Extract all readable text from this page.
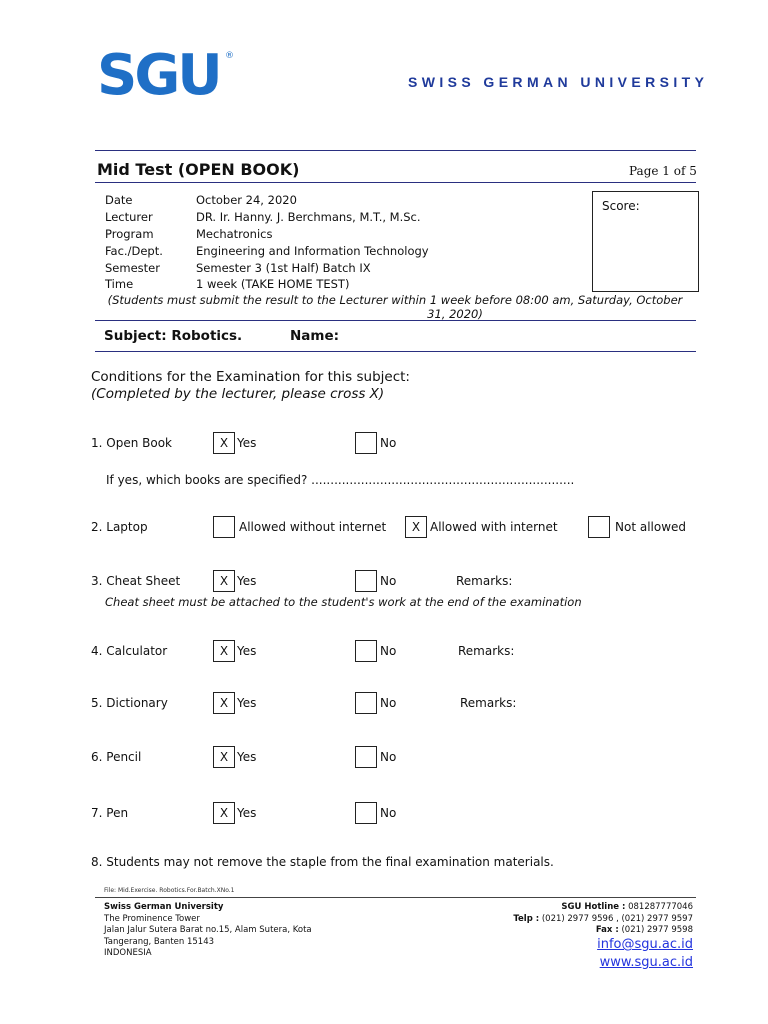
SGU ®
SWISS GERMAN UNIVERSITY
Mid Test (OPEN BOOK)	Page 1 of 5
Date	October 24, 2020
Lecturer	DR. Ir. Hanny. J. Berchmans, M.T., M.Sc.
Program	Mechatronics
Fac./Dept.	Engineering and Information Technology
Semester	Semester 3 (1st Half) Batch IX
Time	1 week (TAKE HOME TEST)
Score:
(Students must submit the result to the Lecturer within 1 week before 08:00 am, Saturday, October
31, 2020)
Subject: Robotics.	Name:
Conditions for the Examination for this subject:
(Completed by the lecturer, please cross X)
1. Open Book	X Yes	No
If yes, which books are specified? .....................................................................
2. Laptop	Allowed without internet	X Allowed with internet	Not allowed
3. Cheat Sheet	X Yes	No	Remarks:
Cheat sheet must be attached to the student's work at the end of the examination
4. Calculator	X Yes	No	Remarks:
5. Dictionary	X Yes	No	Remarks:
6. Pencil	X Yes	No
7. Pen	X Yes	No
8. Students may not remove the staple from the final examination materials.
File: Mid.Exercise. Robotics.For.Batch.XNo.1
Swiss German University
The Prominence Tower
Jalan Jalur Sutera Barat no.15, Alam Sutera, Kota
Tangerang, Banten 15143
INDONESIA
SGU Hotline : 081287777046
Telp : (021) 2977 9596 , (021) 2977 9597
Fax : (021) 2977 9598
info@sgu.ac.id
www.sgu.ac.id
